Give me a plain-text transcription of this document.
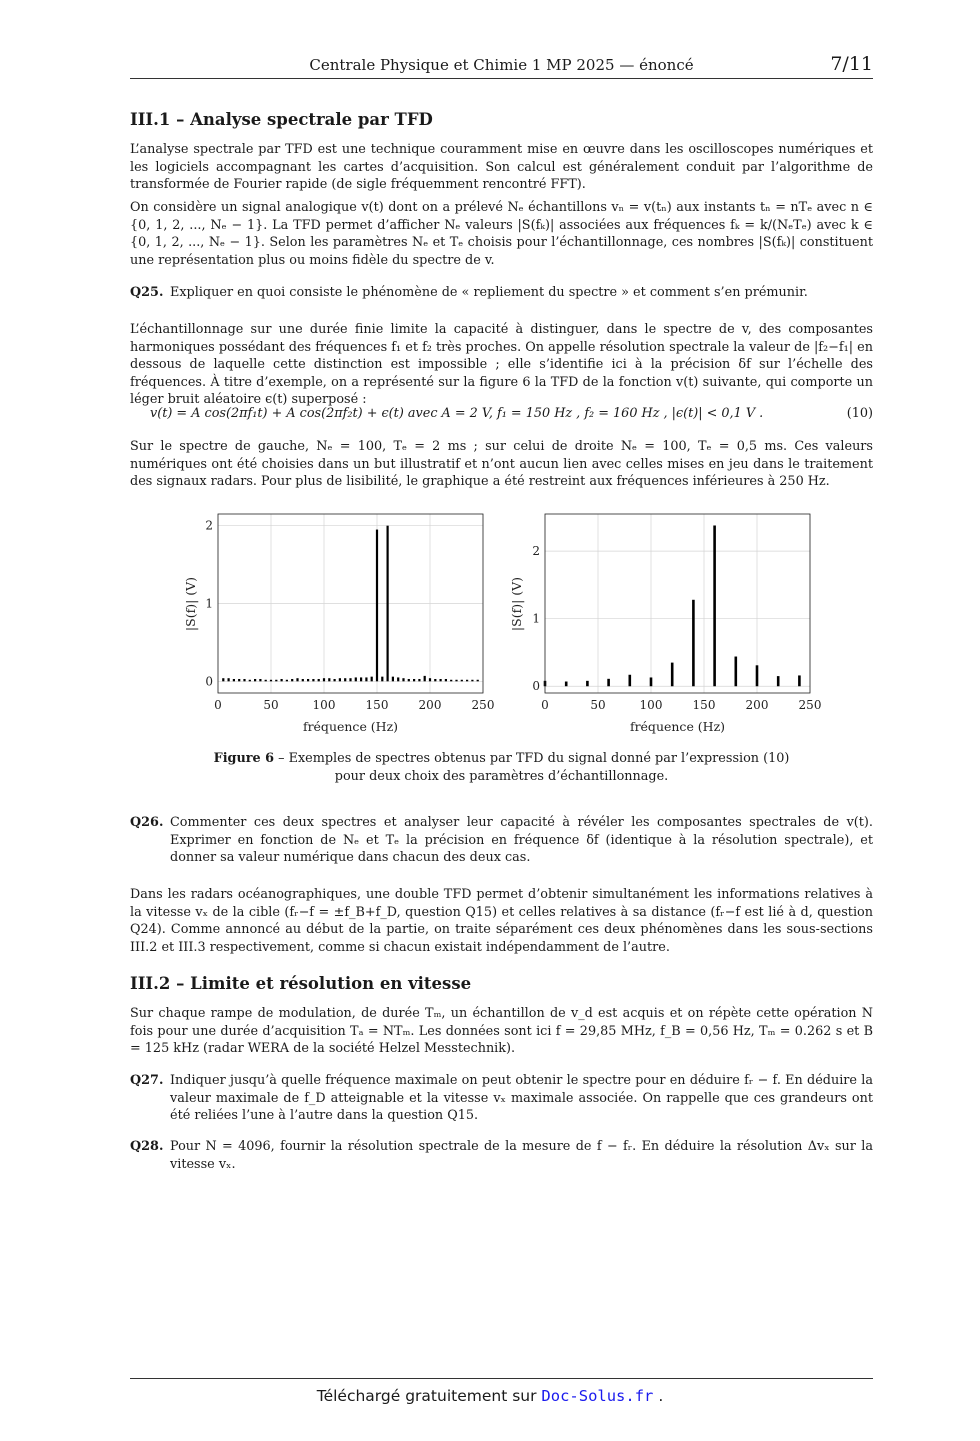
Centrale Physique et Chimie 1 MP 2025 — énoncé	7/11
III.1 – Analyse spectrale par TFD
L’analyse spectrale par TFD est une technique couramment mise en œuvre dans les oscilloscopes numériques et les logiciels accompagnant les cartes d’acquisition. Son calcul est généralement conduit par l’algorithme de transformée de Fourier rapide (de sigle fréquemment rencontré FFT).
On considère un signal analogique v(t) dont on a prélevé Nₑ échantillons vₙ = v(tₙ) aux instants tₙ = nTₑ avec n ∈ {0, 1, 2, ..., Nₑ − 1}. La TFD permet d’afficher Nₑ valeurs |S(fₖ)| associées aux fréquences fₖ = k/(NₑTₑ) avec k ∈ {0, 1, 2, ..., Nₑ − 1}. Selon les paramètres Nₑ et Tₑ choisis pour l’échantillonnage, ces nombres |S(fₖ)| constituent une représentation plus ou moins fidèle du spectre de v.
Q25. Expliquer en quoi consiste le phénomène de « repliement du spectre » et comment s’en prémunir.
L’échantillonnage sur une durée finie limite la capacité à distinguer, dans le spectre de v, des composantes harmoniques possédant des fréquences f₁ et f₂ très proches. On appelle résolution spectrale la valeur de |f₂−f₁| en dessous de laquelle cette distinction est impossible ; elle s’identifie ici à la précision δf sur l’échelle des fréquences. À titre d’exemple, on a représenté sur la figure 6 la TFD de la fonction v(t) suivante, qui comporte un léger bruit aléatoire ϵ(t) superposé :
v(t) = A cos(2πf₁t) + A cos(2πf₂t) + ϵ(t) avec A = 2 V, f₁ = 150 Hz , f₂ = 160 Hz , |ϵ(t)| < 0,1 V .	(10)
Sur le spectre de gauche, Nₑ = 100, Tₑ = 2 ms ; sur celui de droite Nₑ = 100, Tₑ = 0,5 ms. Ces valeurs numériques ont été choisies dans un but illustratif et n’ont aucun lien avec celles mises en jeu dans le traitement des signaux radars. Pour plus de lisibilité, le graphique a été restreint aux fréquences inférieures à 250 Hz.
Figure 6 – Exemples de spectres obtenus par TFD du signal donné par l’expression (10)
pour deux choix des paramètres d’échantillonnage.
Q26. Commenter ces deux spectres et analyser leur capacité à révéler les composantes spectrales de v(t). Exprimer en fonction de Nₑ et Tₑ la précision en fréquence δf (identique à la résolution spectrale), et donner sa valeur numérique dans chacun des deux cas.
Dans les radars océanographiques, une double TFD permet d’obtenir simultanément les informations relatives à la vitesse vₓ de la cible (fᵣ−f = ±f_B+f_D, question Q15) et celles relatives à sa distance (fᵣ−f est lié à d, question Q24). Comme annoncé au début de la partie, on traite séparément ces deux phénomènes dans les sous-sections III.2 et III.3 respectivement, comme si chacun existait indépendamment de l’autre.
III.2 – Limite et résolution en vitesse
Sur chaque rampe de modulation, de durée Tₘ, un échantillon de v_d est acquis et on répète cette opération N fois pour une durée d’acquisition Tₐ = NTₘ. Les données sont ici f = 29,85 MHz, f_B = 0,56 Hz, Tₘ = 0.262 s et B = 125 kHz (radar WERA de la société Helzel Messtechnik).
Q27. Indiquer jusqu’à quelle fréquence maximale on peut obtenir le spectre pour en déduire fᵣ − f. En déduire la valeur maximale de f_D atteignable et la vitesse vₓ maximale associée. On rappelle que ces grandeurs ont été reliées l’une à l’autre dans la question Q15.
Q28. Pour N = 4096, fournir la résolution spectrale de la mesure de f − fᵣ. En déduire la résolution Δvₓ sur la vitesse vₓ.
0	50	100	150	200	250
0
1
2
fréquence (Hz)
|S(f)| (V)
0	50	100	150	200	250
0
1
2
fréquence (Hz)
|S(f)| (V)
Téléchargé gratuitement sur Doc-Solus.fr .
